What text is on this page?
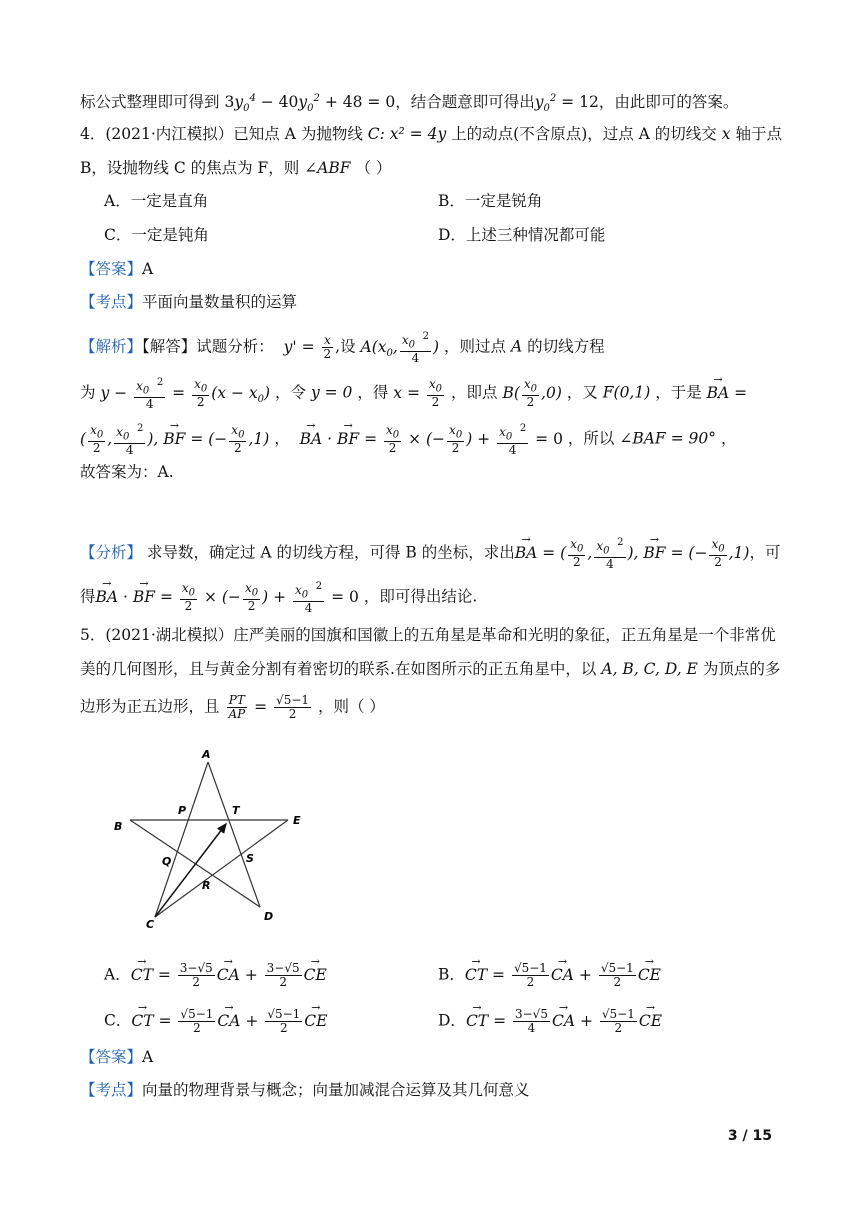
标公式整理即可得到 $3y_0^4 - 40y_0^2 + 48 = 0$，结合题意即可得出$y_0^2 = 12$，由此即可的答案。
4．(2021·内江模拟）已知点 A 为抛物线 C: x² = 4y 上的动点(不含原点)，过点 A 的切线交 x 轴于点
B，设抛物线 C 的焦点为 F，则 ∠ABF （ ）
A．一定是直角	B．一定是锐角
C．一定是钝角	D．上述三种情况都可能
【答案】A
【考点】平面向量数量积的运算
【解析】【解答】试题分析：  $y' = \frac{x}{2}$ ,设 $A(x_0$, $\frac{x_0 ^2}{4}$ ) ，则过点 A 的切线方程
为 $y - \frac{x_0 ^2}{4} = \frac{x_0}{2} (x - x_0)$ ，令 y = 0 ，得 $x = \frac{x_0}{2}$ ，即点 $B( \frac{x_0}{2} ,0)$ ，又 F(0,1) ，于是 → BA =
( $\frac{x_0}{2}$ , $\frac{x_0 ^2}{4}$ ), → BF = (− $\frac{x_0}{2} ,1$) ， → BA · → BF = $\frac{x_0}{2}$ × (− $\frac{x_0}{2}$ ) + $\frac{x_0 ^2}{4} = 0$ ，所以 ∠BAF = 90° ，
故答案为：A.
【分析】 求导数，确定过 A 的切线方程，可得 B 的坐标，求出→ BA = ( $\frac{x_0}{2}$ , $\frac{x_0 ^2}{4}$ ), → BF = (− $\frac{x_0}{2} ,1$)，可
得→ BA · → BF = $\frac{x_0}{2}$ × (− $\frac{x_0}{2}$ ) + $\frac{x_0 ^2}{4} = 0$ ，即可得出结论.
5．(2021·湖北模拟）庄严美丽的国旗和国徽上的五角星是革命和光明的象征，正五角星是一个非常优
美的几何图形，且与黄金分割有着密切的联系.在如图所示的正五角星中，以 A, B, C, D, E 为顶点的多
边形为正五边形，且 $\frac{PT}{AP} = \frac{√5-1}{2}$ ，则（ ）
A
P	T
E
B
Q	S
R
C
D
A．→ CT = $\frac{3-√5}{2}$ → CA + $\frac{3-√5}{2}$ → CE	B．→ CT = $\frac{√5-1}{2}$ → CA + $\frac{√5-1}{2}$ → CE
C．→ CT = $\frac{√5-1}{2}$ → CA + $\frac{√5-1}{2}$ → CE	D．→ CT = $\frac{3-√5}{4}$ → CA + $\frac{√5-1}{2}$ → CE
【答案】A
【考点】向量的物理背景与概念；向量加减混合运算及其几何意义
3 / 15
